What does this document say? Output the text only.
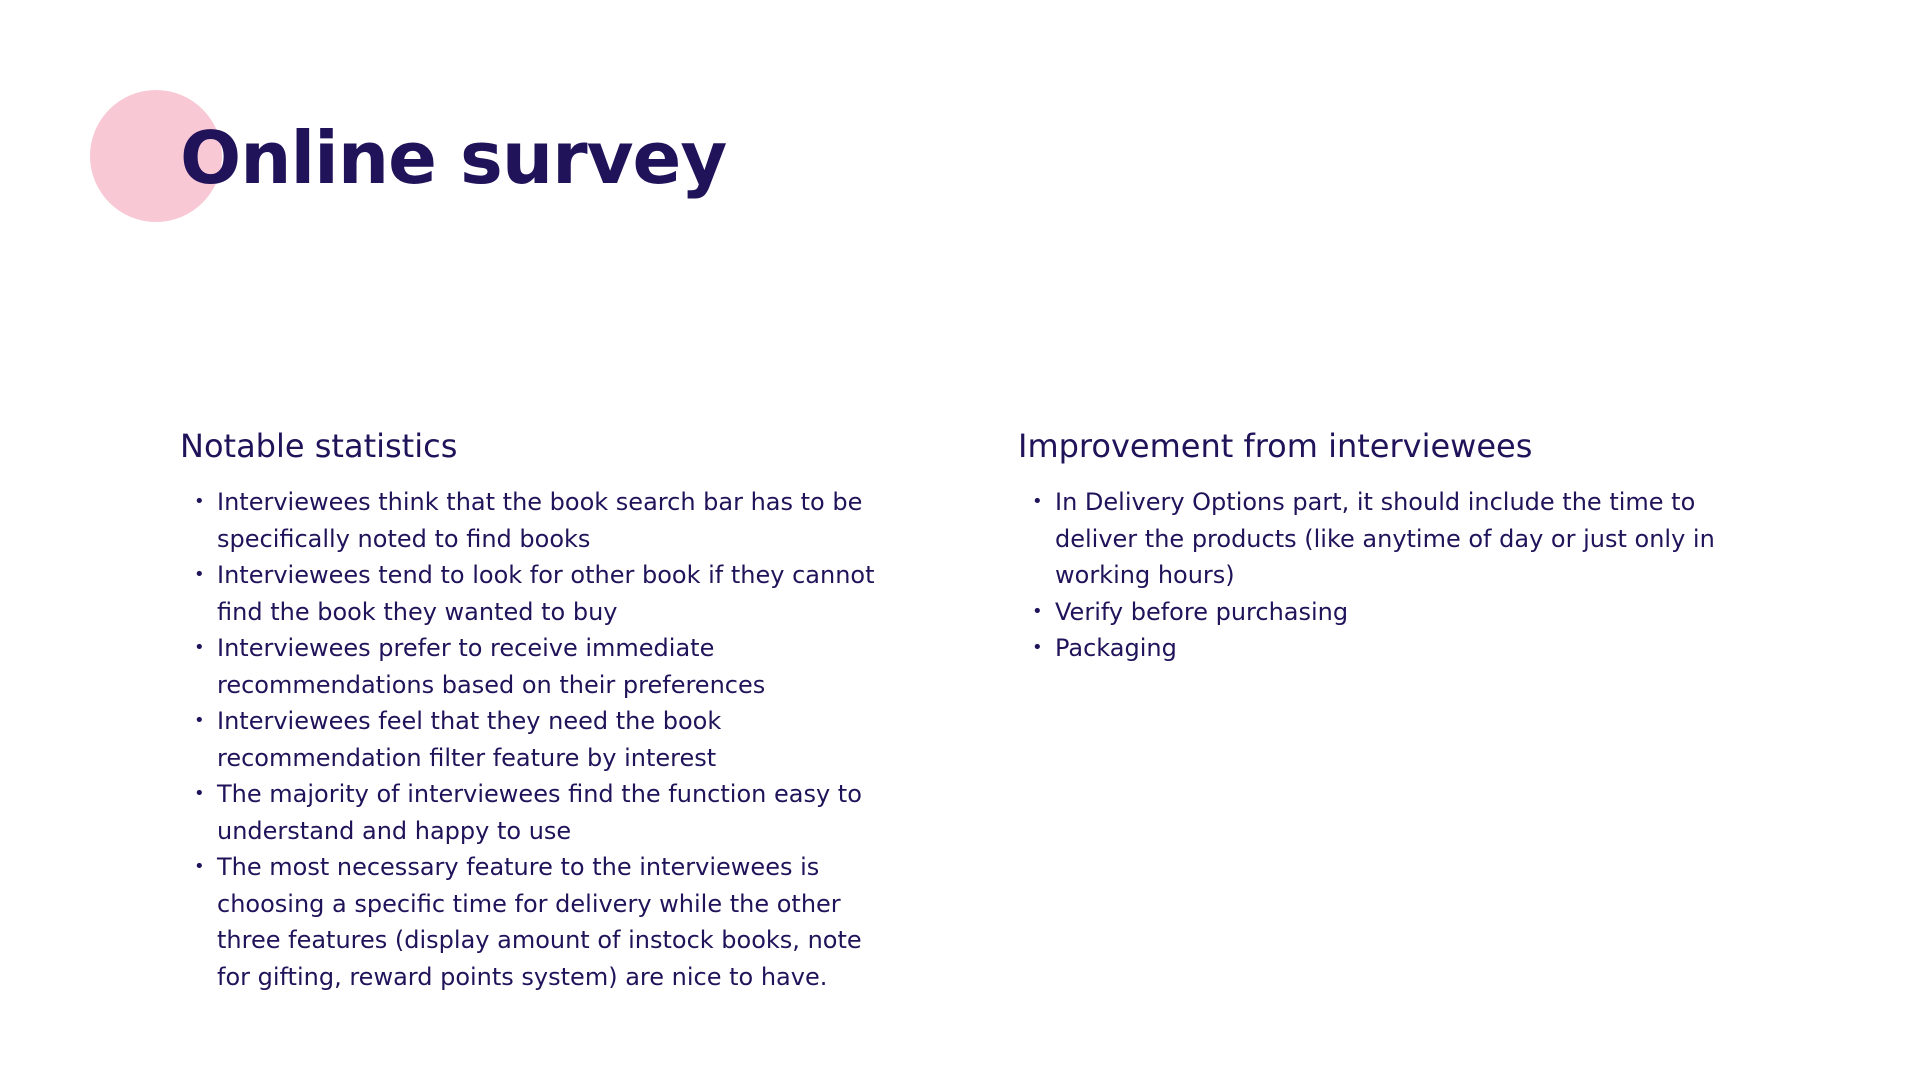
Online survey
Notable statistics
• Interviewees think that the book search bar has to be specifically noted to find books
• Interviewees tend to look for other book if they cannot find the book they wanted to buy
• Interviewees prefer to receive immediate recommendations based on their preferences
• Interviewees feel that they need the book recommendation filter feature by interest
• The majority of interviewees find the function easy to understand and happy to use
• The most necessary feature to the interviewees is choosing a specific time for delivery while the other three features (display amount of instock books, note for gifting, reward points system) are nice to have.
Improvement from interviewees
• In Delivery Options part, it should include the time to deliver the products (like anytime of day or just only in working hours)
• Verify before purchasing
• Packaging
